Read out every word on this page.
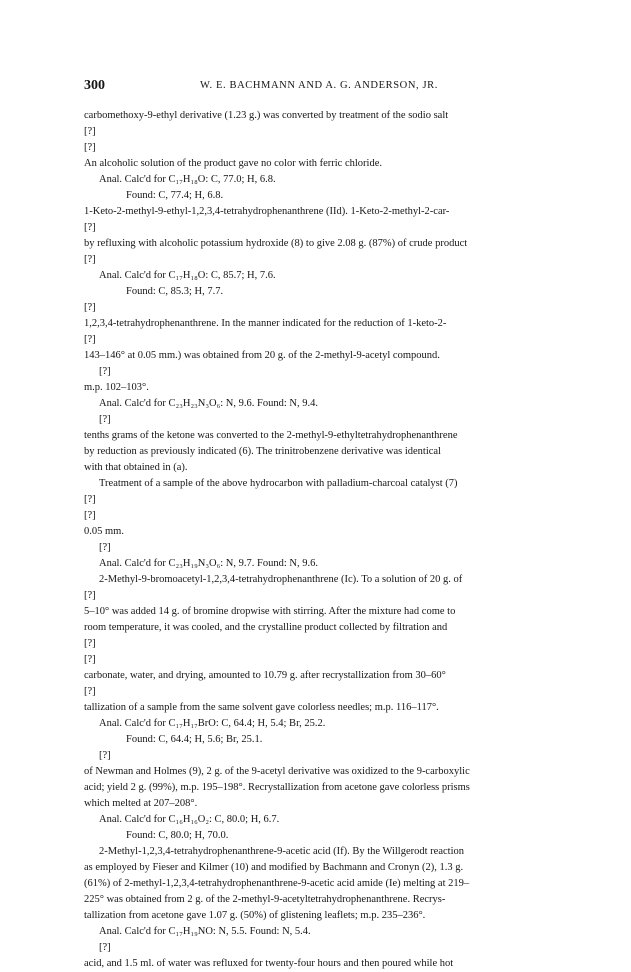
300	W. E. BACHMANN AND A. G. ANDERSON, JR.
carbomethoxy-9-ethyl derivative (1.23 g.) was converted by treatment of the sodio salt
[?]
[?]
An alcoholic solution of the product gave no color with ferric chloride.
Anal. Calc'd for C₁₇H₁₈O: C, 77.0; H, 6.8.
Found: C, 77.4; H, 6.8.
1-Keto-2-methyl-9-ethyl-1,2,3,4-tetrahydrophenanthrene (IId). 1-Keto-2-methyl-2-car-
[?]
by refluxing with alcoholic potassium hydroxide (8) to give 2.08 g. (87%) of crude product
[?]
Anal. Calc'd for C₁₇H₁₈O: C, 85.7; H, 7.6.
Found: C, 85.3; H, 7.7.
[?]
1,2,3,4-tetrahydrophenanthrene. In the manner indicated for the reduction of 1-keto-2-
[?]
143–146° at 0.05 mm.) was obtained from 20 g. of the 2-methyl-9-acetyl compound.
[?]
m.p. 102–103°.
Anal. Calc'd for C₂₃H₂₃N₃O₆: N, 9.6. Found: N, 9.4.
[?]
tenths grams of the ketone was converted to the 2-methyl-9-ethyltetrahydrophenanthrene
by reduction as previously indicated (6). The trinitrobenzene derivative was identical
with that obtained in (a).
Treatment of a sample of the above hydrocarbon with palladium-charcoal catalyst (7)
[?]
[?]
0.05 mm.
[?]
Anal. Calc'd for C₂₃H₁₉N₃O₆: N, 9.7. Found: N, 9.6.
2-Methyl-9-bromoacetyl-1,2,3,4-tetrahydrophenanthrene (Ic). To a solution of 20 g. of
[?]
5–10° was added 14 g. of bromine dropwise with stirring. After the mixture had come to
room temperature, it was cooled, and the crystalline product collected by filtration and
[?]
[?]
carbonate, water, and drying, amounted to 10.79 g. after recrystallization from 30–60°
[?]
tallization of a sample from the same solvent gave colorless needles; m.p. 116–117°.
Anal. Calc'd for C₁₇H₁₇BrO: C, 64.4; H, 5.4; Br, 25.2.
Found: C, 64.4; H, 5.6; Br, 25.1.
[?]
of Newman and Holmes (9), 2 g. of the 9-acetyl derivative was oxidized to the 9-carboxylic
acid; yield 2 g. (99%), m.p. 195–198°. Recrystallization from acetone gave colorless prisms
which melted at 207–208°.
Anal. Calc'd for C₁₆H₁₆O₂: C, 80.0; H, 6.7.
Found: C, 80.0; H, 70.0.
2-Methyl-1,2,3,4-tetrahydrophenanthrene-9-acetic acid (If). By the Willgerodt reaction
as employed by Fieser and Kilmer (10) and modified by Bachmann and Cronyn (2), 1.3 g.
(61%) of 2-methyl-1,2,3,4-tetrahydrophenanthrene-9-acetic acid amide (Ie) melting at 219–
225° was obtained from 2 g. of the 2-methyl-9-acetyltetrahydrophenanthrene. Recrys-
tallization from acetone gave 1.07 g. (50%) of glistening leaflets; m.p. 235–236°.
Anal. Calc'd for C₁₇H₁₉NO: N, 5.5. Found: N, 5.4.
[?]
acid, and 1.5 ml. of water was refluxed for twenty-four hours and then poured while hot
